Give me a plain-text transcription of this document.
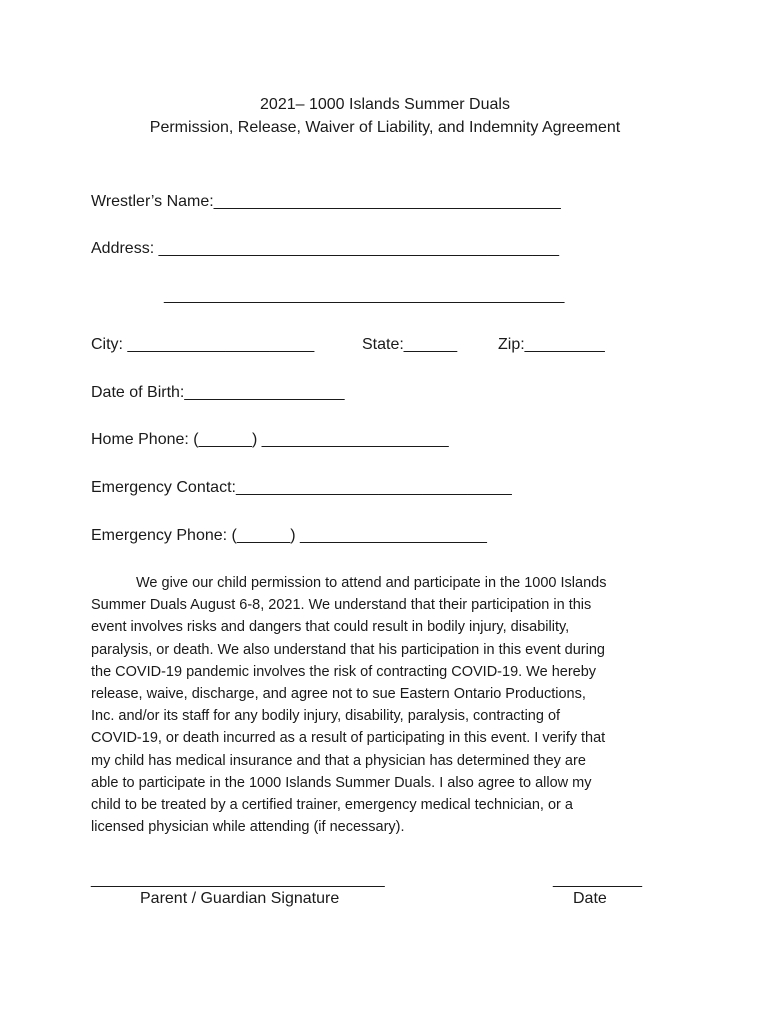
2021– 1000 Islands Summer Duals
Permission, Release, Waiver of Liability, and Indemnity Agreement
Wrestler’s Name:_______________________________________
Address: _____________________________________________
_____________________________________________
City: _____________________	State:______	Zip:_________
Date of Birth:__________________
Home Phone: (______) _____________________
Emergency Contact:_______________________________
Emergency Phone: (______) _____________________
We give our child permission to attend and participate in the 1000 Islands
Summer Duals August 6-8, 2021. We understand that their participation in this
event involves risks and dangers that could result in bodily injury, disability,
paralysis, or death. We also understand that his participation in this event during
the COVID-19 pandemic involves the risk of contracting COVID-19. We hereby
release, waive, discharge, and agree not to sue Eastern Ontario Productions,
Inc. and/or its staff for any bodily injury, disability, paralysis, contracting of
COVID-19, or death incurred as a result of participating in this event. I verify that
my child has medical insurance and that a physician has determined they are
able to participate in the 1000 Islands Summer Duals. I also agree to allow my
child to be treated by a certified trainer, emergency medical technician, or a
licensed physician while attending (if necessary).
_________________________________
Parent / Guardian Signature
__________
Date
